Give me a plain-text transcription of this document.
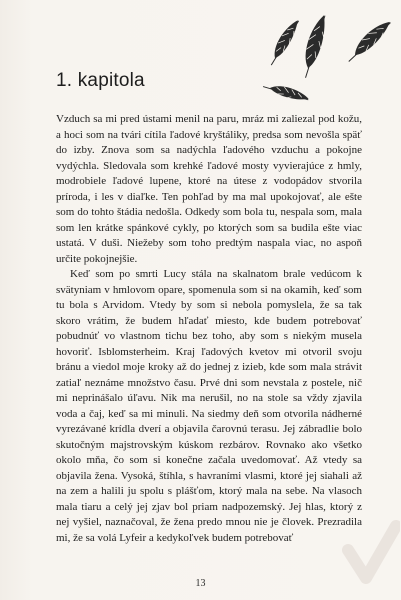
1. kapitola

Vzduch sa mi pred ústami menil na paru, mráz mi zaliezal pod kožu, a hoci som na tvári cítila ľadové kryštáliky, predsa som nevošla späť do izby. Znova som sa nadýchla ľadového vzduchu a pokojne vydýchla. Sledovala som krehké ľadové mosty vyvierajúce z hmly, modrobiele ľadové lupene, ktoré na útese z vodopádov stvorila príroda, i les v diaľke. Ten pohľad by ma mal upokojovať, ale ešte som do tohto štádia nedošla. Odkedy som bola tu, nespala som, mala som len krátke spánkové cykly, po ktorých som sa budila ešte viac ustatá. V duši. Niežeby som toho predtým naspala viac, no aspoň určite pokojnejšie.

Keď som po smrti Lucy stála na skalnatom brale vedúcom k svätyniam v hmlovom opare, spomenula som si na okamih, keď som tu bola s Arvidom. Vtedy by som si nebola pomyslela, že sa tak skoro vrátim, že budem hľadať miesto, kde budem potrebovať pobudnúť vo vlastnom tichu bez toho, aby som s niekým musela hovoriť. Isblomsterheim. Kraj ľadových kvetov mi otvoril svoju bránu a viedol moje kroky až do jednej z izieb, kde som mala strávit zatiaľ neznáme množstvo času. Prvé dni som nevstala z postele, nič mi neprinášalo úľavu. Nik ma nerušil, no na stole sa vždy zjavila voda a čaj, keď sa mi minuli. Na siedmy deň som otvorila nádherné vyrezávané krídla dverí a objavila čarovnú terasu. Jej zábradlie bolo skutočným majstrovským kúskom rezbárov. Rovnako ako všetko okolo mňa, čo som si konečne začala uvedomovať. Až vtedy sa objavila žena. Vysoká, štíhla, s havraními vlasmi, ktoré jej siahali až na zem a halili ju spolu s plášťom, ktorý mala na sebe. Na vlasoch mala tiaru a celý jej zjav bol priam nadpozemský. Jej hlas, ktorý z nej vyšiel, naznačoval, že žena predo mnou nie je človek. Prezradila mi, že sa volá Lyfeir a kedykoľvek budem potrebovať

13
